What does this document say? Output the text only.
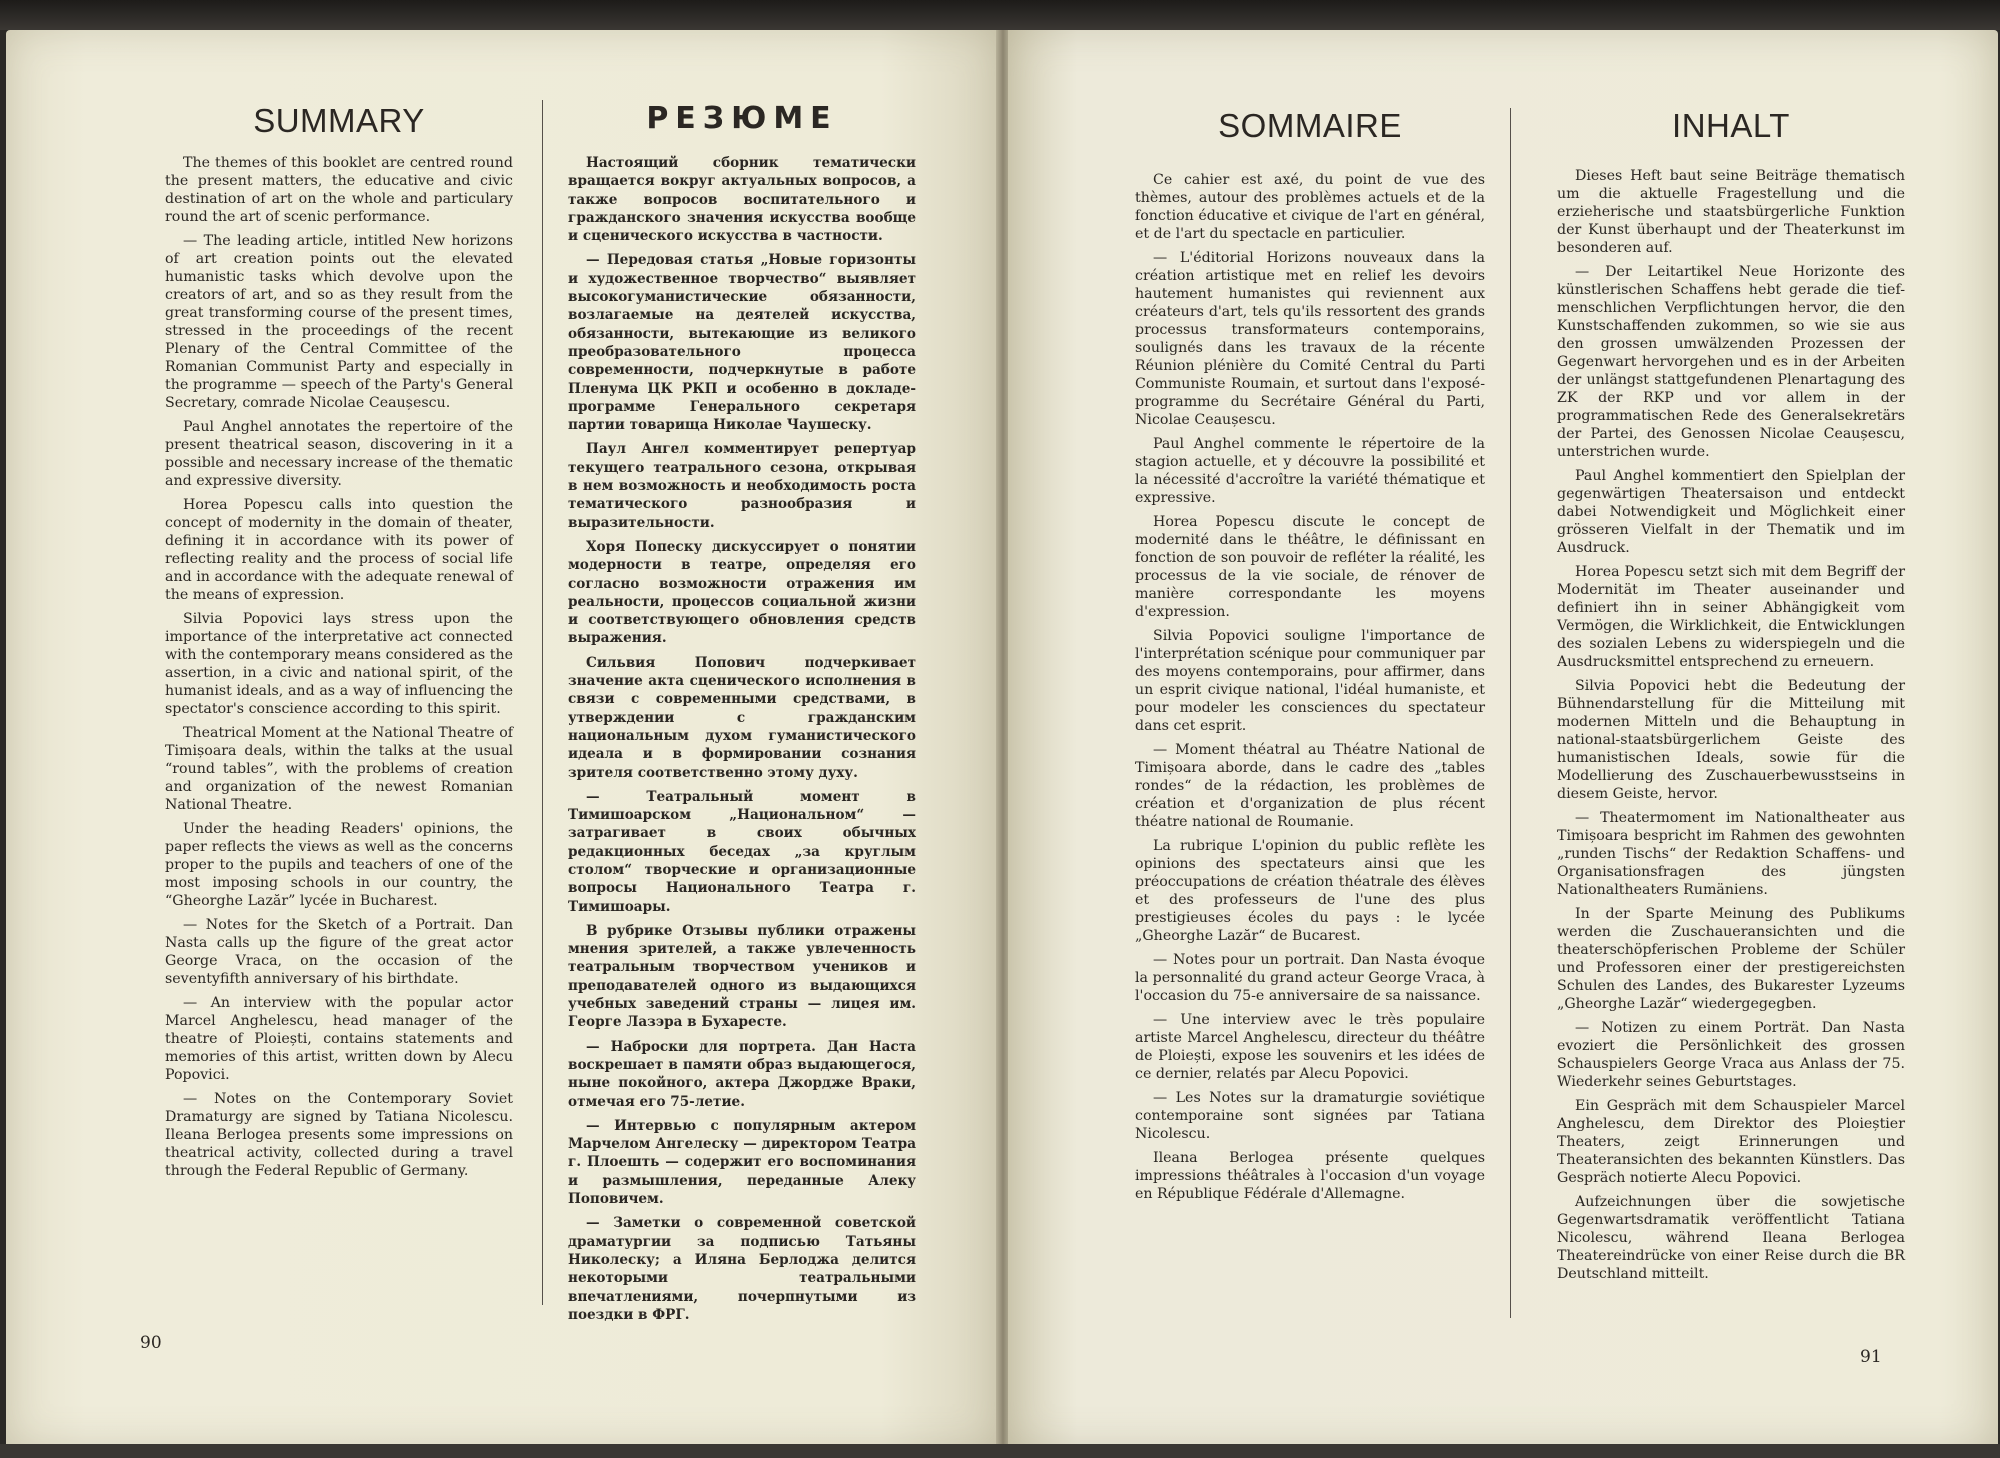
SUMMARY

The themes of this booklet are centred round the present matters, the educative and civic destination of art on the whole and particulary round the art of scenic performance.

— The leading article, intitled New horizons of art creation points out the elevated humanistic tasks which devolve upon the creators of art, and so as they result from the great transforming course of the present times, stressed in the proceedings of the recent Plenary of the Central Committee of the Romanian Communist Party and especially in the programme — speech of the Party's General Secretary, comrade Nicolae Ceaușescu.

Paul Anghel annotates the repertoire of the present theatrical season, discovering in it a possible and necessary increase of the thematic and expressive diversity.

Horea Popescu calls into question the concept of modernity in the domain of theater, defining it in accordance with its power of reflecting reality and the process of social life and in accordance with the adequate renewal of the means of expression.

Silvia Popovici lays stress upon the importance of the interpretative act connected with the contemporary means considered as the assertion, in a civic and national spirit, of the humanist ideals, and as a way of influencing the spectator's conscience according to this spirit.

Theatrical Moment at the National Theatre of Timișoara deals, within the talks at the usual “round tables”, with the problems of creation and organization of the newest Romanian National Theatre.

Under the heading Readers' opinions, the paper reflects the views as well as the concerns proper to the pupils and teachers of one of the most imposing schools in our country, the “Gheorghe Lazăr” lycée in Bucharest.

— Notes for the Sketch of a Portrait. Dan Nasta calls up the figure of the great actor George Vraca, on the occasion of the seventyfifth anniversary of his birthdate.

— An interview with the popular actor Marcel Anghelescu, head manager of the theatre of Ploiești, contains statements and memories of this artist, written down by Alecu Popovici.

— Notes on the Contemporary Soviet Dramaturgy are signed by Tatiana Nicolescu. Ileana Berlogea presents some impressions on theatrical activity, collected during a travel through the Federal Republic of Germany.

РЕЗЮМЕ

Настоящий сборник тематически вращается вокруг актуальных вопросов, а также вопросов воспитательного и гражданского значения искусства вообще и сценического искусства в частности.

— Передовая статья „Новые горизонты и художественное творчество“ выявляет высокогуманистические обязанности, возлагаемые на деятелей искусства, обязанности, вытекающие из великого преобразовательного процесса современности, подчеркнутые в работе Пленума ЦК РКП и особенно в докладе-программе Генерального секретаря партии товарища Николае Чаушеску.

Паул Ангел комментирует репертуар текущего театрального сезона, открывая в нем возможность и необходимость роста тематического разнообразия и выразительности.

Хоря Попеску дискуссирует о понятии модерности в театре, определяя его согласно возможности отражения им реальности, процессов социальной жизни и соответствующего обновления средств выражения.

Сильвия Попович подчеркивает значение акта сценического исполнения в связи с современными средствами, в утверждении с гражданским национальным духом гуманистического идеала и в формировании сознания зрителя соответственно этому духу.

— Театральный момент в Тимишоарском „Национальном“ — затрагивает в своих обычных редакционных беседах „за круглым столом“ творческие и организационные вопросы Национального Театра г. Тимишоары.

В рубрике Отзывы публики отражены мнения зрителей, а также увлеченность театральным творчеством учеников и преподавателей одного из выдающихся учебных заведений страны — лицея им. Георге Лазэра в Бухаресте.

— Наброски для портрета. Дан Наста воскрешает в памяти образ выдающегося, ныне покойного, актера Джордже Враки, отмечая его 75-летие.

— Интервью с популярным актером Марчелом Ангелеску — директором Театра г. Плоешть — содержит его воспоминания и размышления, переданные Алеку Поповичем.

— Заметки о современной советской драматургии за подписью Татьяны Николеску; а Иляна Берлоджа делится некоторыми театральными впечатлениями, почерпнутыми из поездки в ФРГ.

90
SOMMAIRE

Ce cahier est axé, du point de vue des thèmes, autour des problèmes actuels et de la fonction éducative et civique de l'art en général, et de l'art du spectacle en particulier.

— L'éditorial Horizons nouveaux dans la création artistique met en relief les devoirs hautement humanistes qui reviennent aux créateurs d'art, tels qu'ils ressortent des grands processus transformateurs contemporains, soulignés dans les travaux de la récente Réunion plénière du Comité Central du Parti Communiste Roumain, et surtout dans l'exposé-programme du Secrétaire Général du Parti, Nicolae Ceaușescu.

Paul Anghel commente le répertoire de la stagion actuelle, et y découvre la possibilité et la nécessité d'accroître la variété thématique et expressive.

Horea Popescu discute le concept de modernité dans le théâtre, le définissant en fonction de son pouvoir de refléter la réalité, les processus de la vie sociale, de rénover de manière correspondante les moyens d'expression.

Silvia Popovici souligne l'importance de l'interprétation scénique pour communiquer par des moyens contemporains, pour affirmer, dans un esprit civique national, l'idéal humaniste, et pour modeler les consciences du spectateur dans cet esprit.

— Moment théatral au Théatre National de Timișoara aborde, dans le cadre des „tables rondes“ de la rédaction, les problèmes de création et d'organization de plus récent théatre national de Roumanie.

La rubrique L'opinion du public reflète les opinions des spectateurs ainsi que les préoccupations de création théatrale des élèves et des professeurs de l'une des plus prestigieuses écoles du pays : le lycée „Gheorghe Lazăr“ de Bucarest.

— Notes pour un portrait. Dan Nasta évoque la personnalité du grand acteur George Vraca, à l'occasion du 75-e anniversaire de sa naissance.

— Une interview avec le très populaire artiste Marcel Anghelescu, directeur du théâtre de Ploiești, expose les souvenirs et les idées de ce dernier, relatés par Alecu Popovici.

— Les Notes sur la dramaturgie soviétique contemporaine sont signées par Tatiana Nicolescu.

Ileana Berlogea présente quelques impressions théâtrales à l'occasion d'un voyage en République Fédérale d'Allemagne.

INHALT

Dieses Heft baut seine Beiträge thematisch um die aktuelle Fragestellung und die erzieherische und staatsbürgerliche Funktion der Kunst überhaupt und der Theaterkunst im besonderen auf.

— Der Leitartikel Neue Horizonte des künstlerischen Schaffens hebt gerade die tief-menschlichen Verpflichtungen hervor, die den Kunstschaffenden zukommen, so wie sie aus den grossen umwälzenden Prozessen der Gegenwart hervorgehen und es in der Arbeiten der unlängst stattgefundenen Plenartagung des ZK der RKP und vor allem in der programmatischen Rede des Generalsekretärs der Partei, des Genossen Nicolae Ceaușescu, unterstrichen wurde.

Paul Anghel kommentiert den Spielplan der gegenwärtigen Theatersaison und entdeckt dabei Notwendigkeit und Möglichkeit einer grösseren Vielfalt in der Thematik und im Ausdruck.

Horea Popescu setzt sich mit dem Begriff der Modernität im Theater auseinander und definiert ihn in seiner Abhängigkeit vom Vermögen, die Wirklichkeit, die Entwicklungen des sozialen Lebens zu widerspiegeln und die Ausdrucksmittel entsprechend zu erneuern.

Silvia Popovici hebt die Bedeutung der Bühnendarstellung für die Mitteilung mit modernen Mitteln und die Behauptung in national-staatsbürgerlichem Geiste des humanistischen Ideals, sowie für die Modellierung des Zuschauerbewusstseins in diesem Geiste, hervor.

— Theatermoment im Nationaltheater aus Timișoara bespricht im Rahmen des gewohnten „runden Tischs“ der Redaktion Schaffens- und Organisationsfragen des jüngsten Nationaltheaters Rumäniens.

In der Sparte Meinung des Publikums werden die Zuschaueransichten und die theaterschöpferischen Probleme der Schüler und Professoren einer der prestigereichsten Schulen des Landes, des Bukarester Lyzeums „Gheorghe Lazăr“ wiedergegegben.

— Notizen zu einem Porträt. Dan Nasta evoziert die Persönlichkeit des grossen Schauspielers George Vraca aus Anlass der 75. Wiederkehr seines Geburtstages.

Ein Gespräch mit dem Schauspieler Marcel Anghelescu, dem Direktor des Ploieștier Theaters, zeigt Erinnerungen und Theateransichten des bekannten Künstlers. Das Gespräch notierte Alecu Popovici.

Aufzeichnungen über die sowjetische Gegenwartsdramatik veröffentlicht Tatiana Nicolescu, während Ileana Berlogea Theatereindrücke von einer Reise durch die BR Deutschland mitteilt.

91
